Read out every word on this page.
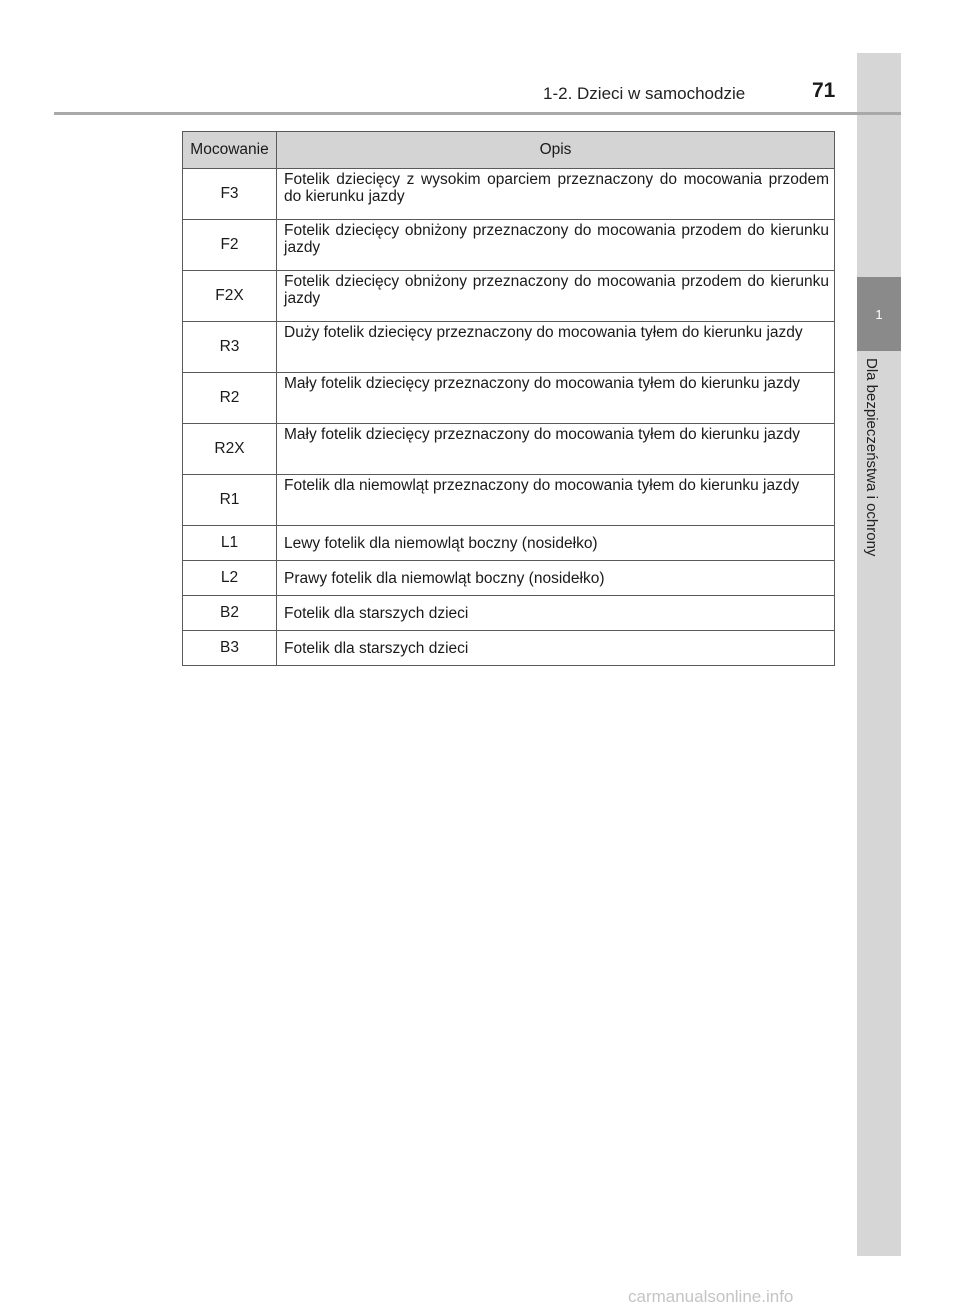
1
Dla bezpieczeństwa i ochrony
1-2. Dzieci w samochodzie	71
Mocowanie	Opis
F3	Fotelik dziecięcy z wysokim oparciem przeznaczony do mocowania przodem do kierunku jazdy
F2	Fotelik dziecięcy obniżony przeznaczony do mocowania przodem do kierunku jazdy
F2X	Fotelik dziecięcy obniżony przeznaczony do mocowania przodem do kierunku jazdy
R3	Duży fotelik dziecięcy przeznaczony do mocowania tyłem do kierunku jazdy
R2	Mały fotelik dziecięcy przeznaczony do mocowania tyłem do kierunku jazdy
R2X	Mały fotelik dziecięcy przeznaczony do mocowania tyłem do kierunku jazdy
R1	Fotelik dla niemowląt przeznaczony do mocowania tyłem do kierunku jazdy
L1	Lewy fotelik dla niemowląt boczny (nosidełko)
L2	Prawy fotelik dla niemowląt boczny (nosidełko)
B2	Fotelik dla starszych dzieci
B3	Fotelik dla starszych dzieci
carmanualsonline.info
